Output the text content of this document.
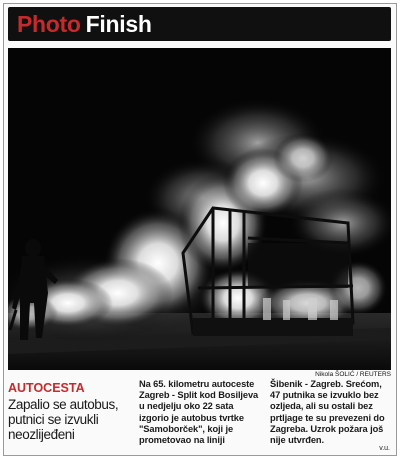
Photo Finish
Nikola ŠOLIĆ / REUTERS
AUTOCESTA
Zapalio se autobus,
putnici se izvukli
neozlijeđeni
Na 65. kilometru autoceste
Zagreb - Split kod Bosiljeva
u nedjelju oko 22 sata
izgorio je autobus tvrtke
"Samoborček", koji je
prometovao na liniji
Šibenik - Zagreb. Srećom,
47 putnika se izvuklo bez
ozljeda, ali su ostali bez
prtljage te su prevezeni do
Zagreba. Uzrok požara još
nije utvrđen.
v.u.
